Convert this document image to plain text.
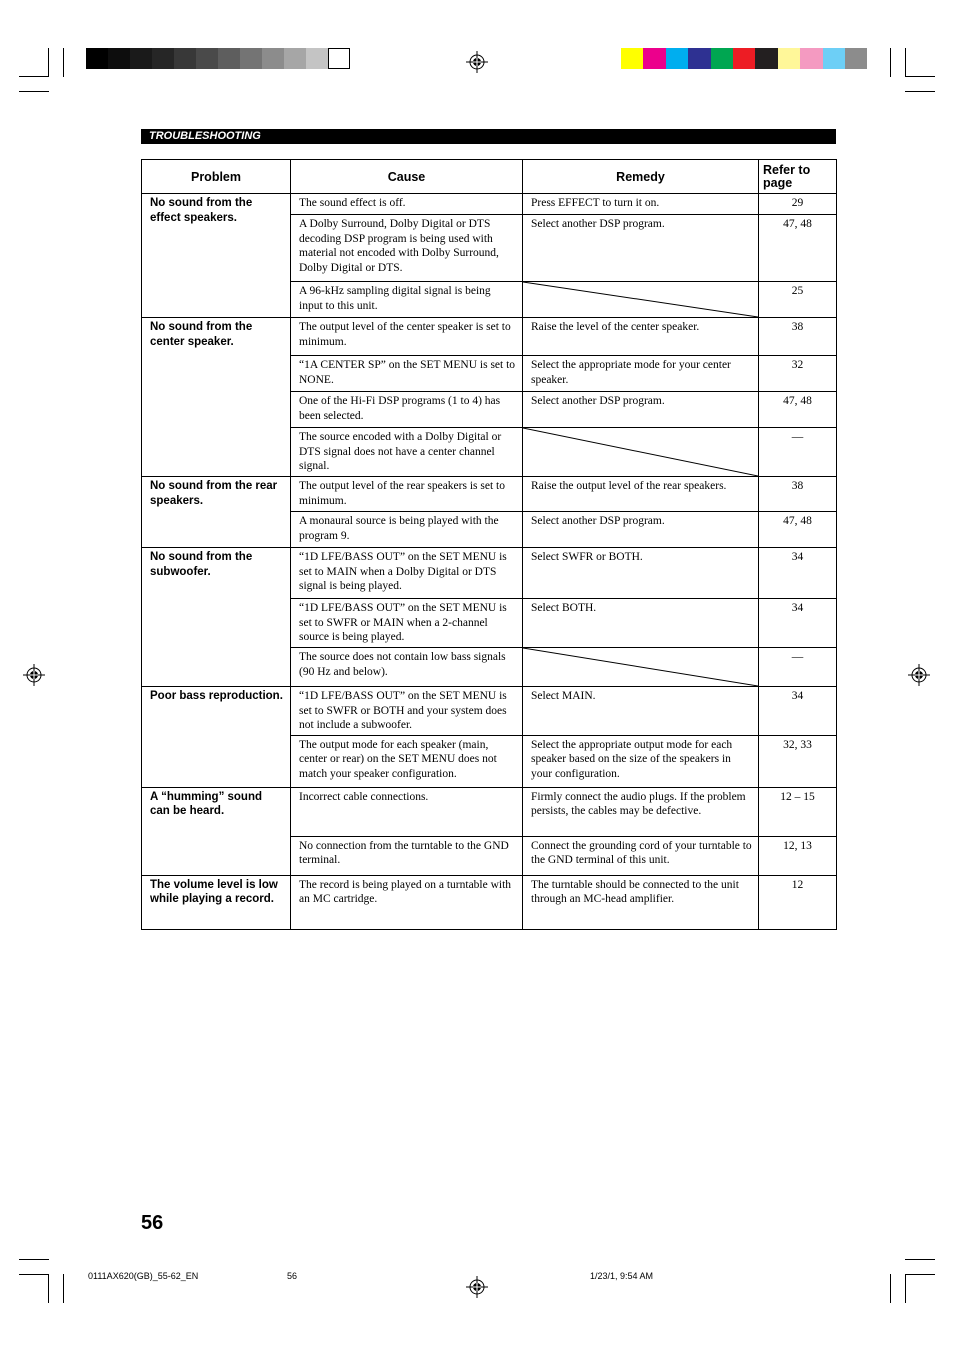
TROUBLESHOOTING
Problem	Cause	Remedy	Refer to page
No sound from the effect speakers.	The sound effect is off.	Press EFFECT to turn it on.	29
	A Dolby Surround, Dolby Digital or DTS decoding DSP program is being used with material not encoded with Dolby Surround, Dolby Digital or DTS.	Select another DSP program.	47, 48
	A 96-kHz sampling digital signal is being input to this unit.		25
No sound from the center speaker.	The output level of the center speaker is set to minimum.	Raise the level of the center speaker.	38
	“1A CENTER SP” on the SET MENU is set to NONE.	Select the appropriate mode for your center speaker.	32
	One of the Hi-Fi DSP programs (1 to 4) has been selected.	Select another DSP program.	47, 48
	The source encoded with a Dolby Digital or DTS signal does not have a center channel signal.		—
No sound from the rear speakers.	The output level of the rear speakers is set to minimum.	Raise the output level of the rear speakers.	38
	A monaural source is being played with the program 9.	Select another DSP program.	47, 48
No sound from the subwoofer.	“1D LFE/BASS OUT” on the SET MENU is set to MAIN when a Dolby Digital or DTS signal is being played.	Select SWFR or BOTH.	34
	“1D LFE/BASS OUT” on the SET MENU is set to SWFR or MAIN when a 2-channel source is being played.	Select BOTH.	34
	The source does not contain low bass signals (90 Hz and below).		—
Poor bass reproduction.	“1D LFE/BASS OUT” on the SET MENU is set to SWFR or BOTH and your system does not include a subwoofer.	Select MAIN.	34
	The output mode for each speaker (main, center or rear) on the SET MENU does not match your speaker configuration.	Select the appropriate output mode for each speaker based on the size of the speakers in your configuration.	32, 33
A “humming” sound can be heard.	Incorrect cable connections.	Firmly connect the audio plugs. If the problem persists, the cables may be defective.	12 – 15
	No connection from the turntable to the GND terminal.	Connect the grounding cord of your turntable to the GND terminal of this unit.	12, 13
The volume level is low while playing a record.	The record is being played on a turntable with an MC cartridge.	The turntable should be connected to the unit through an MC-head amplifier.	12
56
0111AX620(GB)_55-62_EN	56	1/23/1, 9:54 AM
